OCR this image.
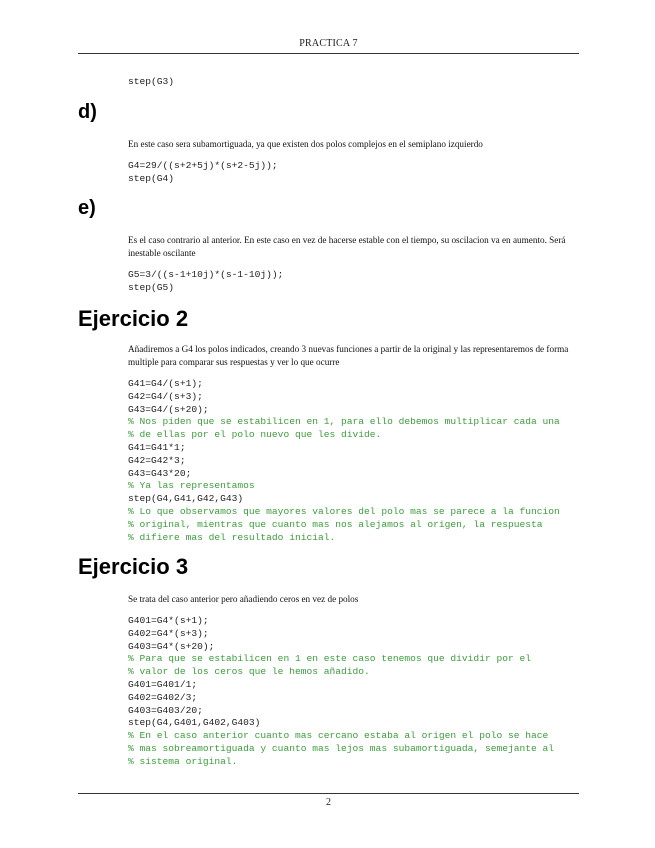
PRACTICA 7
step(G3)
d)

En este caso sera subamortiguada, ya que existen dos polos complejos en el semiplano izquierdo

G4=29/((s+2+5j)*(s+2-5j));
step(G4)
e)

Es el caso contrario al anterior. En este caso en vez de hacerse estable con el tiempo, su oscilacion va en aumento. Será inestable oscilante

G5=3/((s-1+10j)*(s-1-10j));
step(G5)
Ejercicio 2

Añadiremos a G4 los polos indicados, creando 3 nuevas funciones a partir de la original y las representaremos de forma multiple para comparar sus respuestas y ver lo que ocurre

G41=G4/(s+1);
G42=G4/(s+3);
G43=G4/(s+20);
% Nos piden que se estabilicen en 1, para ello debemos multiplicar cada una
% de ellas por el polo nuevo que les divide.
G41=G41*1;
G42=G42*3;
G43=G43*20;
% Ya las representamos
step(G4,G41,G42,G43)
% Lo que observamos que mayores valores del polo mas se parece a la funcion
% original, mientras que cuanto mas nos alejamos al origen, la respuesta
% difiere mas del resultado inicial.
Ejercicio 3

Se trata del caso anterior pero añadiendo ceros en vez de polos

G401=G4*(s+1);
G402=G4*(s+3);
G403=G4*(s+20);
% Para que se estabilicen en 1 en este caso tenemos que dividir por el
% valor de los ceros que le hemos añadido.
G401=G401/1;
G402=G402/3;
G403=G403/20;
step(G4,G401,G402,G403)
% En el caso anterior cuanto mas cercano estaba al origen el polo se hace
% mas sobreamortiguada y cuanto mas lejos mas subamortiguada, semejante al
% sistema original.
2
